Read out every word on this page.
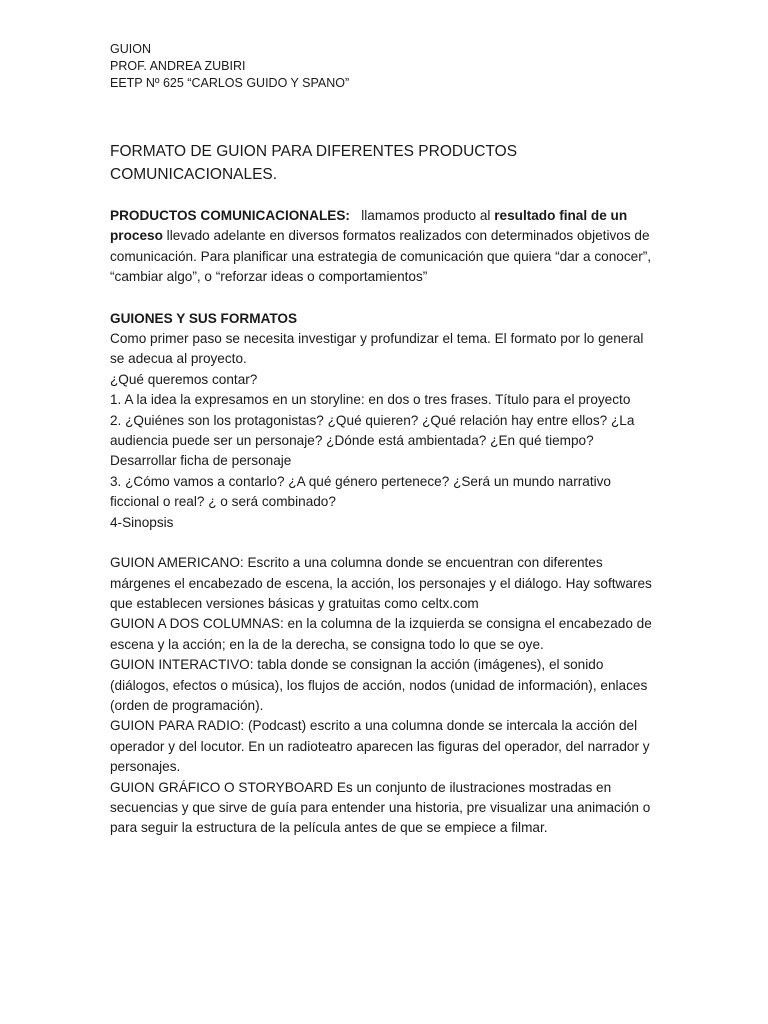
GUION

PROF. ANDREA ZUBIRI

EETP Nº 625 “CARLOS GUIDO Y SPANO”

FORMATO DE GUION PARA DIFERENTES PRODUCTOS COMUNICACIONALES.

PRODUCTOS COMUNICACIONALES:   llamamos producto al resultado final de un proceso llevado adelante en diversos formatos realizados con determinados objetivos de comunicación. Para planificar una estrategia de comunicación que quiera “dar a conocer”, “cambiar algo”, o “reforzar ideas o comportamientos”

GUIONES Y SUS FORMATOS

Como primer paso se necesita investigar y profundizar el tema. El formato por lo general se adecua al proyecto.

¿Qué queremos contar?

1. A la idea la expresamos en un storyline: en dos o tres frases. Título para el proyecto

2. ¿Quiénes son los protagonistas? ¿Qué quieren? ¿Qué relación hay entre ellos? ¿La audiencia puede ser un personaje? ¿Dónde está ambientada? ¿En qué tiempo? Desarrollar ficha de personaje

3. ¿Cómo vamos a contarlo? ¿A qué género pertenece? ¿Será un mundo narrativo ficcional o real? ¿ o será combinado?

4-Sinopsis

GUION AMERICANO: Escrito a una columna donde se encuentran con diferentes márgenes el encabezado de escena, la acción, los personajes y el diálogo. Hay softwares que establecen versiones básicas y gratuitas como celtx.com

GUION A DOS COLUMNAS: en la columna de la izquierda se consigna el encabezado de escena y la acción; en la de la derecha, se consigna todo lo que se oye.

GUION INTERACTIVO: tabla donde se consignan la acción (imágenes), el sonido (diálogos, efectos o música), los flujos de acción, nodos (unidad de información), enlaces (orden de programación).

GUION PARA RADIO: (Podcast) escrito a una columna donde se intercala la acción del operador y del locutor. En un radioteatro aparecen las figuras del operador, del narrador y personajes.

GUION GRÁFICO O STORYBOARD Es un conjunto de ilustraciones mostradas en secuencias y que sirve de guía para entender una historia, pre visualizar una animación o para seguir la estructura de la película antes de que se empiece a filmar.
